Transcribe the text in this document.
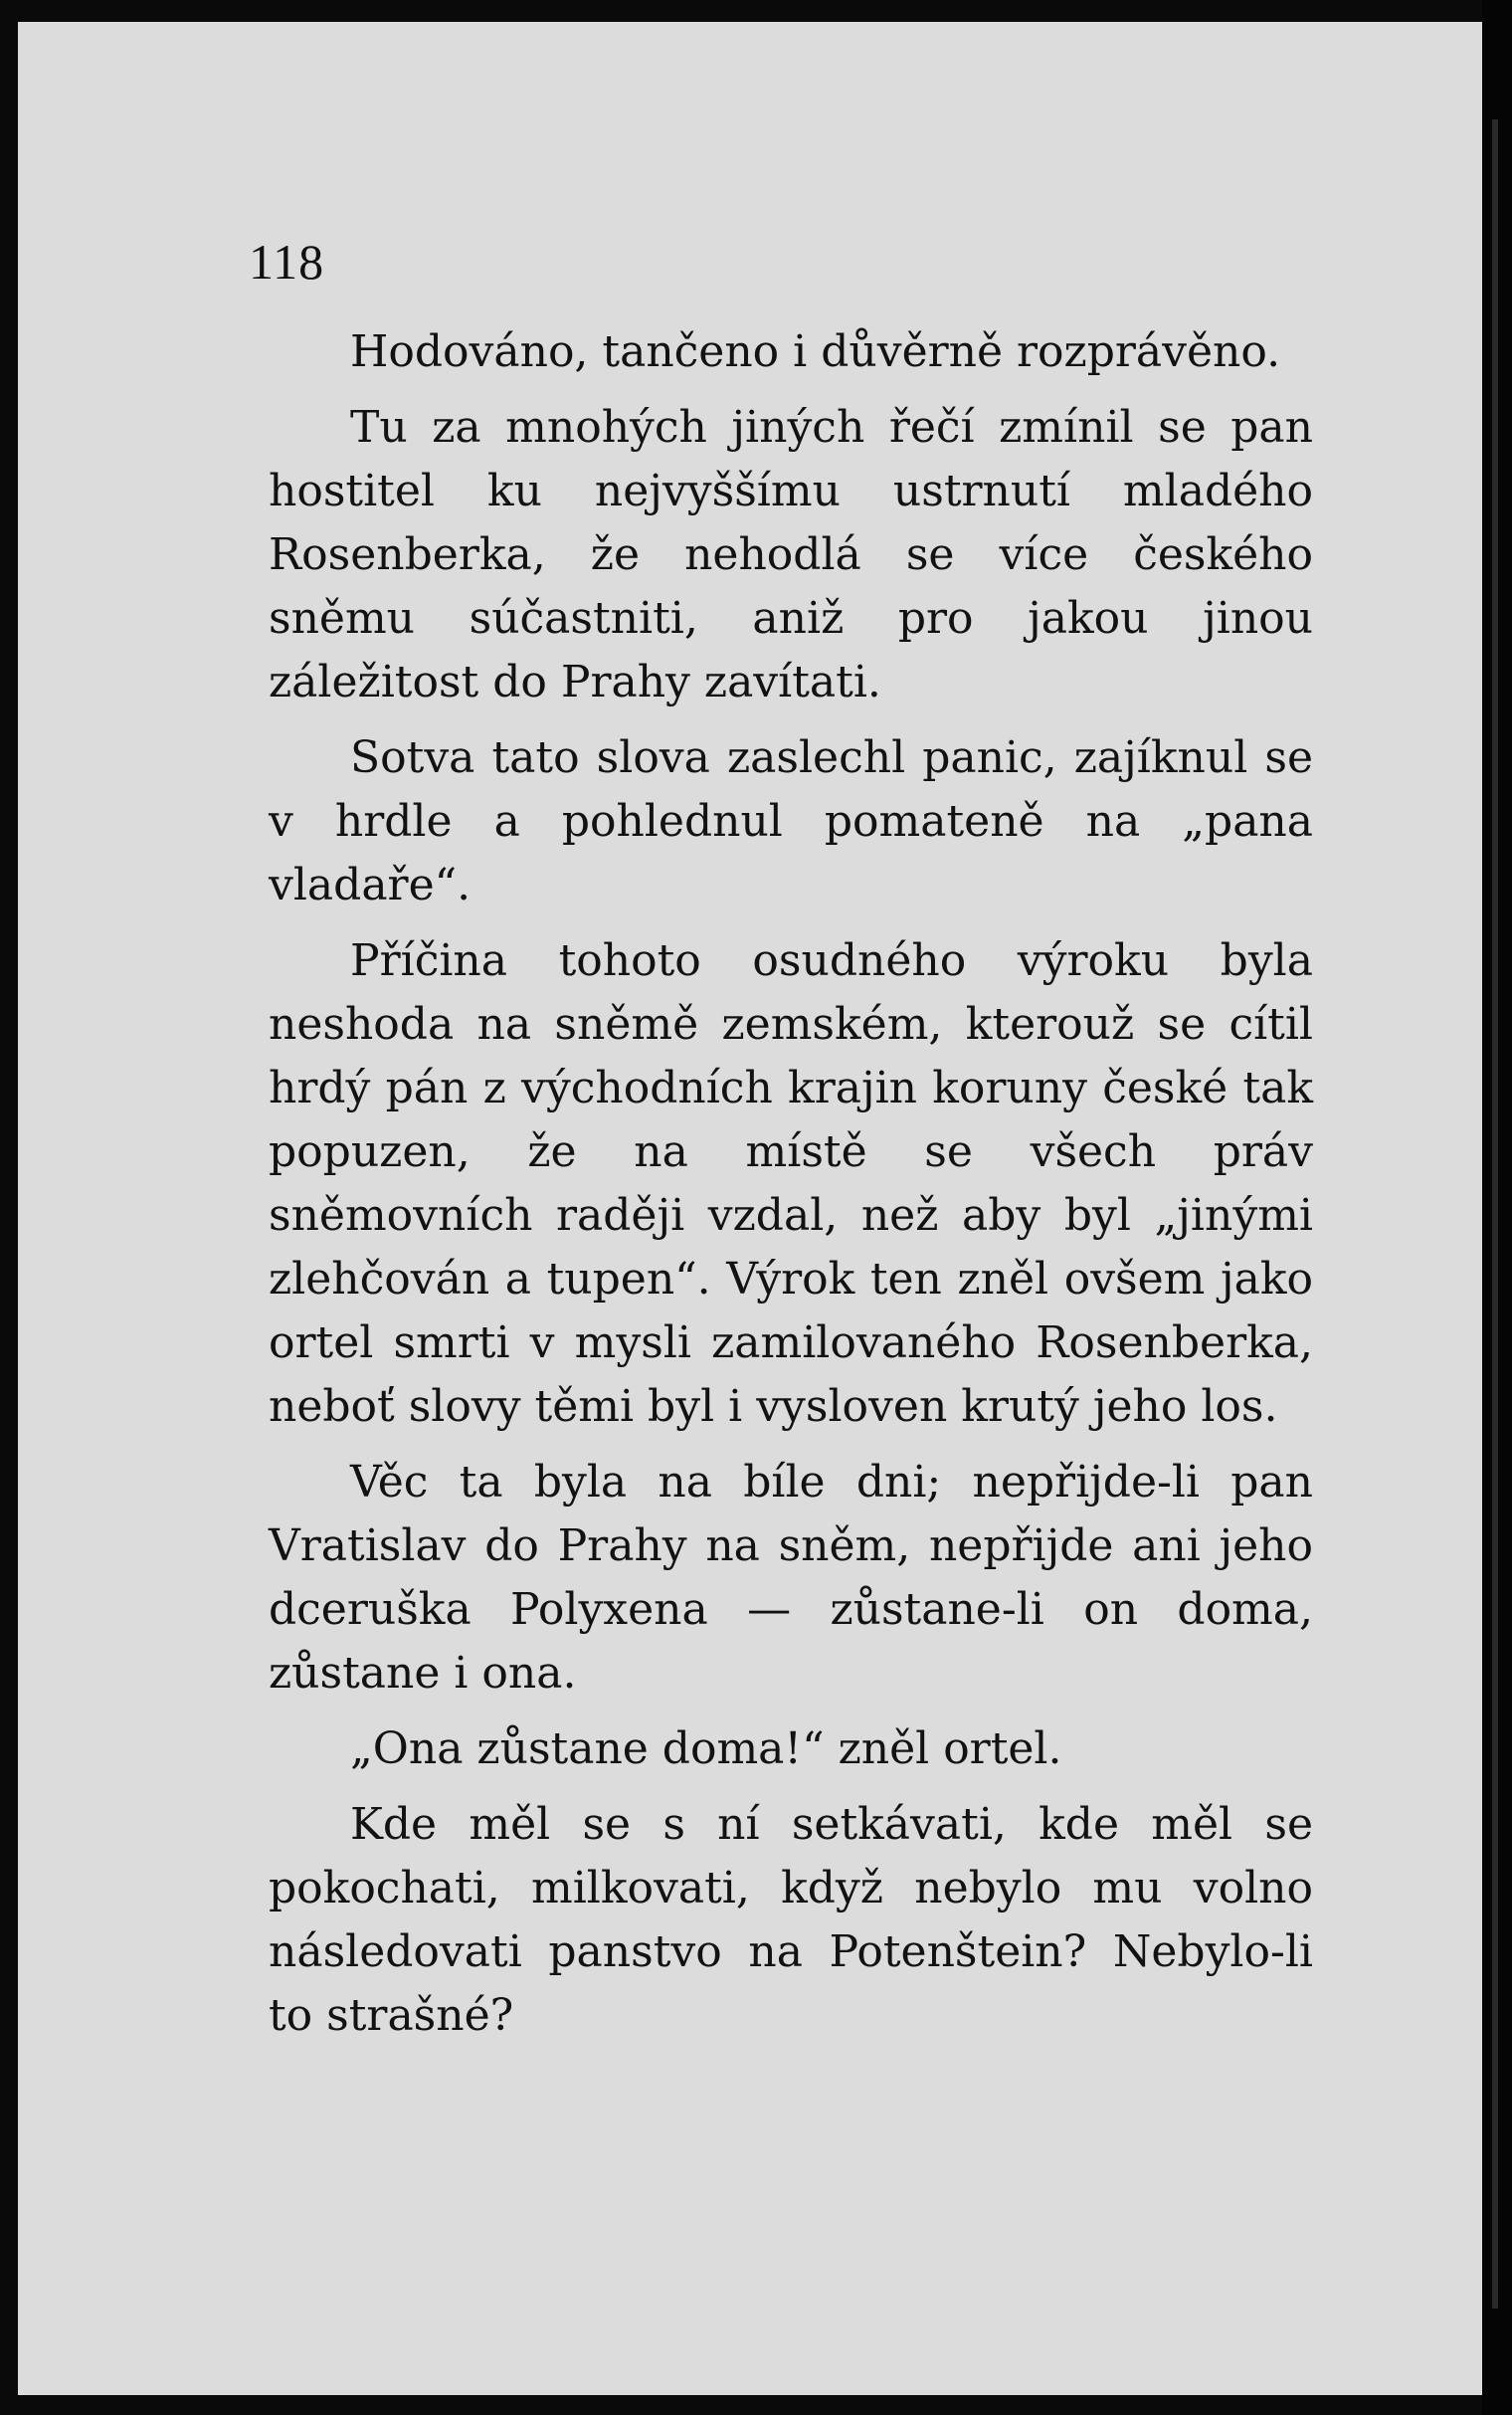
118

Hodováno, tančeno i důvěrně rozprávěno.

Tu za mnohých jiných řečí zmínil se pan hostitel ku nejvyššímu ustrnutí mladého Rosenberka, že nehodlá se více českého sněmu súčastniti, aniž pro jakou jinou záležitost do Prahy zavítati.

Sotva tato slova zaslechl panic, zajíknul se v hrdle a pohlednul pomateně na „pana vladaře“.

Příčina tohoto osudného výroku byla neshoda na sněmě zemském, kterouž se cítil hrdý pán z východních krajin koruny české tak popuzen, že na místě se všech práv sněmovních raději vzdal, než aby byl „jinými zlehčován a tupen“. Výrok ten zněl ovšem jako ortel smrti v mysli zamilovaného Rosenberka, neboť slovy těmi byl i vysloven krutý jeho los.

Věc ta byla na bíle dni; nepřijde-li pan Vratislav do Prahy na sněm, nepřijde ani jeho dceruška Polyxena — zůstane-li on doma, zůstane i ona.

„Ona zůstane doma!“ zněl ortel.

Kde měl se s ní setkávati, kde měl se pokochati, milkovati, když nebylo mu volno následovati panstvo na Potenštein? Nebylo-li to strašné?
